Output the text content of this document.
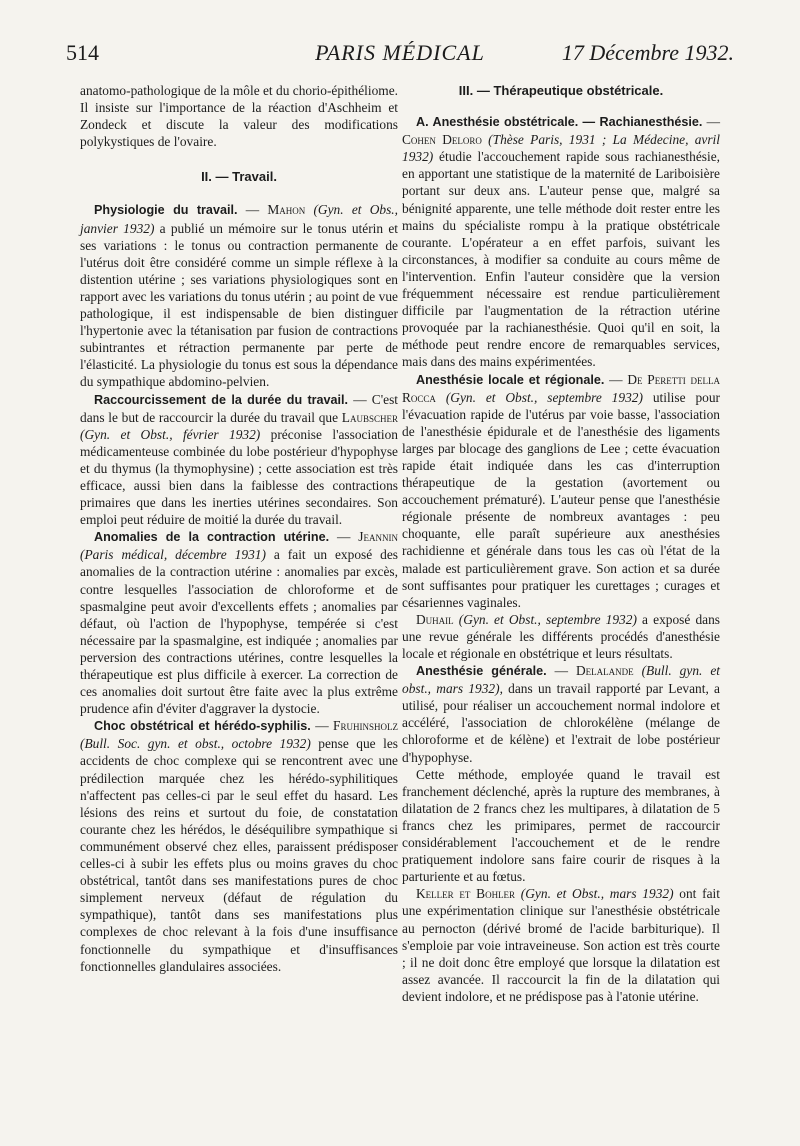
514	PARIS MÉDICAL	17 Décembre 1932.

anatomo-pathologique de la môle et du chorio-épithéliome. Il insiste sur l'importance de la réaction d'Aschheim et Zondeck et discute la valeur des modifications polykystiques de l'ovaire.

II. — Travail.

Physiologie du travail. — Mahon (Gyn. et Obs., janvier 1932) a publié un mémoire sur le tonus utérin et ses variations : le tonus ou contraction permanente de l'utérus doit être considéré comme un simple réflexe à la distention utérine ; ses variations physiologiques sont en rapport avec les variations du tonus utérin ; au point de vue pathologique, il est indispensable de bien distinguer l'hypertonie avec la tétanisation par fusion de contractions subintrantes et rétraction permanente par perte de l'élasticité. La physiologie du tonus est sous la dépendance du sympathique abdomino-pelvien.

Raccourcissement de la durée du travail. — C'est dans le but de raccourcir la durée du travail que Laubscher (Gyn. et Obst., février 1932) préconise l'association médicamenteuse combinée du lobe postérieur d'hypophyse et du thymus (la thymophysine) ; cette association est très efficace, aussi bien dans la faiblesse des contractions primaires que dans les inerties utérines secondaires. Son emploi peut réduire de moitié la durée du travail.

Anomalies de la contraction utérine. — Jeannin (Paris médical, décembre 1931) a fait un exposé des anomalies de la contraction utérine : anomalies par excès, contre lesquelles l'association de chloroforme et de spasmalgine peut avoir d'excellents effets ; anomalies par défaut, où l'action de l'hypophyse, tempérée si c'est nécessaire par la spasmalgine, est indiquée ; anomalies par perversion des contractions utérines, contre lesquelles la thérapeutique est plus difficile à exercer. La correction de ces anomalies doit surtout être faite avec la plus extrême prudence afin d'éviter d'aggraver la dystocie.

Choc obstétrical et hérédo-syphilis. — Fruhinsholz (Bull. Soc. gyn. et obst., octobre 1932) pense que les accidents de choc complexe qui se rencontrent avec une prédilection marquée chez les hérédo-syphilitiques n'affectent pas celles-ci par le seul effet du hasard. Les lésions des reins et surtout du foie, de constatation courante chez les hérédos, le déséquilibre sympathique si communément observé chez elles, paraissent prédisposer celles-ci à subir les effets plus ou moins graves du choc obstétrical, tantôt dans ses manifestations pures de choc simplement nerveux (défaut de régulation du sympathique), tantôt dans ses manifestations plus complexes de choc relevant à la fois d'une insuffisance fonctionnelle du sympathique et d'insuffisances fonctionnelles glandulaires associées.

III. — Thérapeutique obstétricale.

A. Anesthésie obstétricale. — Rachianesthésie. — Cohen Deloro (Thèse Paris, 1931 ; La Médecine, avril 1932) étudie l'accouchement rapide sous rachianesthésie, en apportant une statistique de la maternité de Lariboisière portant sur deux ans. L'auteur pense que, malgré sa bénignité apparente, une telle méthode doit rester entre les mains du spécialiste rompu à la pratique obstétricale courante. L'opérateur a en effet parfois, suivant les circonstances, à modifier sa conduite au cours même de l'intervention. Enfin l'auteur considère que la version fréquemment nécessaire est rendue particulièrement difficile par l'augmentation de la rétraction utérine provoquée par la rachianesthésie. Quoi qu'il en soit, la méthode peut rendre encore de remarquables services, mais dans des mains expérimentées.

Anesthésie locale et régionale. — De Peretti della Rocca (Gyn. et Obst., septembre 1932) utilise pour l'évacuation rapide de l'utérus par voie basse, l'association de l'anesthésie épidurale et de l'anesthésie des ligaments larges par blocage des ganglions de Lee ; cette évacuation rapide était indiquée dans les cas d'interruption thérapeutique de la gestation (avortement ou accouchement prématuré). L'auteur pense que l'anesthésie régionale présente de nombreux avantages : peu choquante, elle paraît supérieure aux anesthésies rachidienne et générale dans tous les cas où l'état de la malade est particulièrement grave. Son action et sa durée sont suffisantes pour pratiquer les curettages ; curages et césariennes vaginales.

Duhail (Gyn. et Obst., septembre 1932) a exposé dans une revue générale les différents procédés d'anesthésie locale et régionale en obstétrique et leurs résultats.

Anesthésie générale. — Delalande (Bull. gyn. et obst., mars 1932), dans un travail rapporté par Levant, a utilisé, pour réaliser un accouchement normal indolore et accéléré, l'association de chlorokélène (mélange de chloroforme et de kélène) et l'extrait de lobe postérieur d'hypophyse.

Cette méthode, employée quand le travail est franchement déclenché, après la rupture des membranes, à dilatation de 2 francs chez les multipares, à dilatation de 5 francs chez les primipares, permet de raccourcir considérablement l'accouchement et de le rendre pratiquement indolore sans faire courir de risques à la parturiente et au fœtus.

Keller et Bohler (Gyn. et Obst., mars 1932) ont fait une expérimentation clinique sur l'anesthésie obstétricale au pernocton (dérivé bromé de l'acide barbiturique). Il s'emploie par voie intraveineuse. Son action est très courte ; il ne doit donc être employé que lorsque la dilatation est assez avancée. Il raccourcit la fin de la dilatation qui devient indolore, et ne prédispose pas à l'atonie utérine.
